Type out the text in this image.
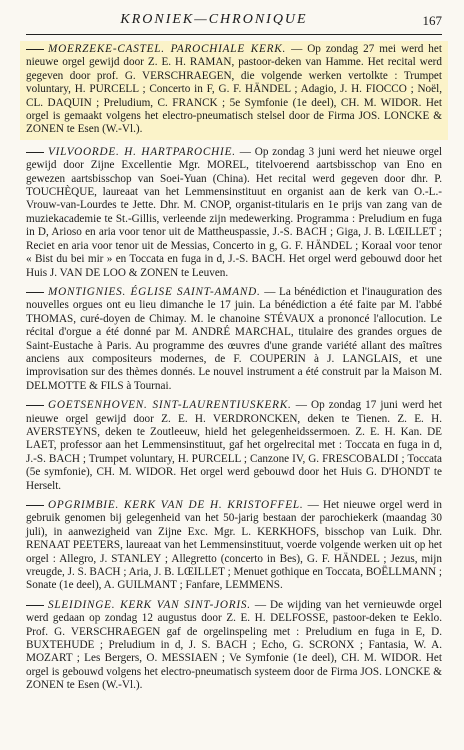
KRONIEK—CHRONIQUE	167
MOERZEKE-CASTEL. PAROCHIALE KERK. — Op zondag 27 mei werd het nieuwe orgel gewijd door Z. E. H. RAMAN, pastoor-deken van Hamme. Het recital werd gegeven door prof. G. VERSCHRAEGEN, die volgende werken vertolkte : Trumpet voluntary, H. PURCELL ; Concerto in F, G. F. HÄNDEL ; Adagio, J. H. FIOCCO ; Noël, CL. DAQUIN ; Preludium, C. FRANCK ; 5e Symfonie (1e deel), CH. M. WIDOR. Het orgel is gemaakt volgens het electro-pneumatisch stelsel door de Firma JOS. LONCKE & ZONEN te Esen (W.-Vl.).
VILVOORDE. H. HARTPAROCHIE. — Op zondag 3 juni werd het nieuwe orgel gewijd door Zijne Excellentie Mgr. MOREL, titelvoerend aartsbisschop van Eno en gewezen aartsbisschop van Soei-Yuan (China). Het recital werd gegeven door dhr. P. TOUCHÈQUE, laureaat van het Lemmensinstituut en organist aan de kerk van O.-L.-Vrouw-van-Lourdes te Jette. Dhr. M. CNOP, organist-titularis en 1e prijs van zang van de muziekacademie te St.-Gillis, verleende zijn medewerking. Programma : Preludium en fuga in D, Arioso en aria voor tenor uit de Mattheuspassie, J.-S. BACH ; Giga, J. B. LŒILLET ; Reciet en aria voor tenor uit de Messias, Concerto in g, G. F. HÄNDEL ; Koraal voor tenor « Bist du bei mir » en Toccata en fuga in d, J.-S. BACH. Het orgel werd gebouwd door het Huis J. VAN DE LOO & ZONEN te Leuven.
MONTIGNIES. ÉGLISE SAINT-AMAND. — La bénédiction et l'inauguration des nouvelles orgues ont eu lieu dimanche le 17 juin. La bénédiction a été faite par M. l'abbé THOMAS, curé-doyen de Chimay. M. le chanoine STÉVAUX a prononcé l'allocution. Le récital d'orgue a été donné par M. ANDRÉ MARCHAL, titulaire des grandes orgues de Saint-Eustache à Paris. Au programme des œuvres d'une grande variété allant des maîtres anciens aux compositeurs modernes, de F. COUPERIN à J. LANGLAIS, et une improvisation sur des thèmes donnés. Le nouvel instrument a été construit par la Maison M. DELMOTTE & FILS à Tournai.
GOETSENHOVEN. SINT-LAURENTIUSKERK. — Op zondag 17 juni werd het nieuwe orgel gewijd door Z. E. H. VERDRONCKEN, deken te Tienen. Z. E. H. AVERSTEYNS, deken te Zoutleeuw, hield het gelegenheidssermoen. Z. E. H. Kan. DE LAET, professor aan het Lemmensinstituut, gaf het orgelrecital met : Toccata en fuga in d, J.-S. BACH ; Trumpet voluntary, H. PURCELL ; Canzone IV, G. FRESCOBALDI ; Toccata (5e symfonie), CH. M. WIDOR. Het orgel werd gebouwd door het Huis G. D'HONDT te Herselt.
OPGRIMBIE. KERK VAN DE H. KRISTOFFEL. — Het nieuwe orgel werd in gebruik genomen bij gelegenheid van het 50-jarig bestaan der parochiekerk (maandag 30 juli), in aanwezigheid van Zijne Exc. Mgr. L. KERKHOFS, bisschop van Luik. Dhr. RENAAT PEETERS, laureaat van het Lemmensinstituut, voerde volgende werken uit op het orgel : Allegro, J. STANLEY ; Allegretto (concerto in Bes), G. F. HÄNDEL ; Jezus, mijn vreugde, J. S. BACH ; Aria, J. B. LŒILLET ; Menuet gothique en Toccata, BOËLLMANN ; Sonate (1e deel), A. GUILMANT ; Fanfare, LEMMENS.
SLEIDINGE. KERK VAN SINT-JORIS. — De wijding van het vernieuwde orgel werd gedaan op zondag 12 augustus door Z. E. H. DELFOSSE, pastoor-deken te Eeklo. Prof. G. VERSCHRAEGEN gaf de orgelinspeling met : Preludium en fuga in E, D. BUXTEHUDE ; Preludium in d, J. S. BACH ; Echo, G. SCRONX ; Fantasia, W. A. MOZART ; Les Bergers, O. MESSIAEN ; Ve Symfonie (1e deel), CH. M. WIDOR. Het orgel is gebouwd volgens het electro-pneumatisch systeem door de Firma JOS. LONCKE & ZONEN te Esen (W.-Vl.).
